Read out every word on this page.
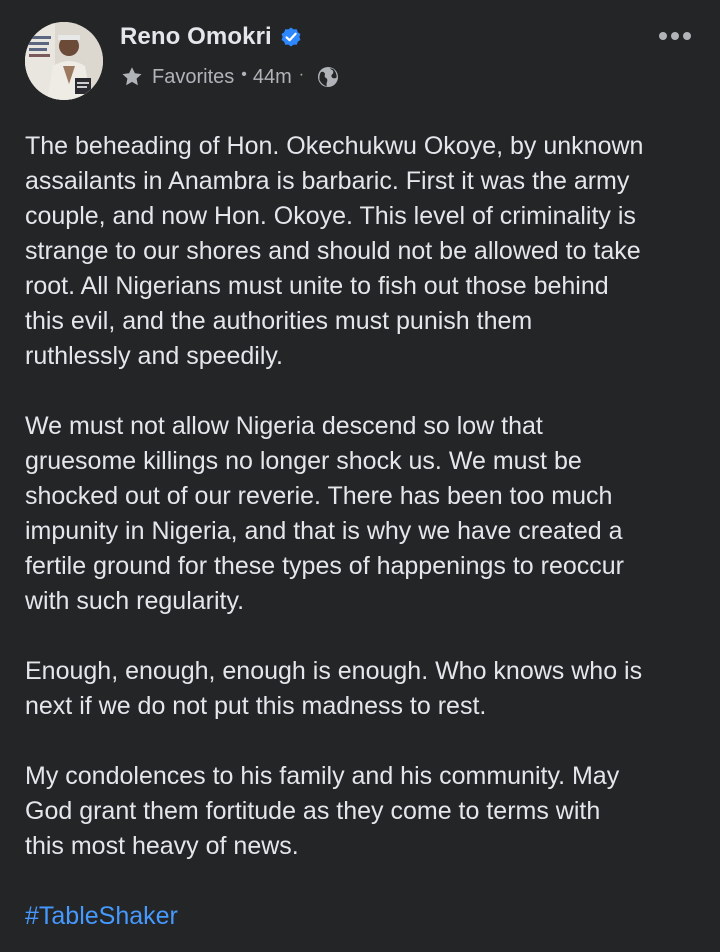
Reno Omokri
Favorites • 44m ·

The beheading of Hon. Okechukwu Okoye, by unknown
assailants in Anambra is barbaric. First it was the army
couple, and now Hon. Okoye. This level of criminality is
strange to our shores and should not be allowed to take
root. All Nigerians must unite to fish out those behind
this evil, and the authorities must punish them
ruthlessly and speedily.

We must not allow Nigeria descend so low that
gruesome killings no longer shock us. We must be
shocked out of our reverie. There has been too much
impunity in Nigeria, and that is why we have created a
fertile ground for these types of happenings to reoccur
with such regularity.

Enough, enough, enough is enough. Who knows who is
next if we do not put this madness to rest.

My condolences to his family and his community. May
God grant them fortitude as they come to terms with
this most heavy of news.

#TableShaker
